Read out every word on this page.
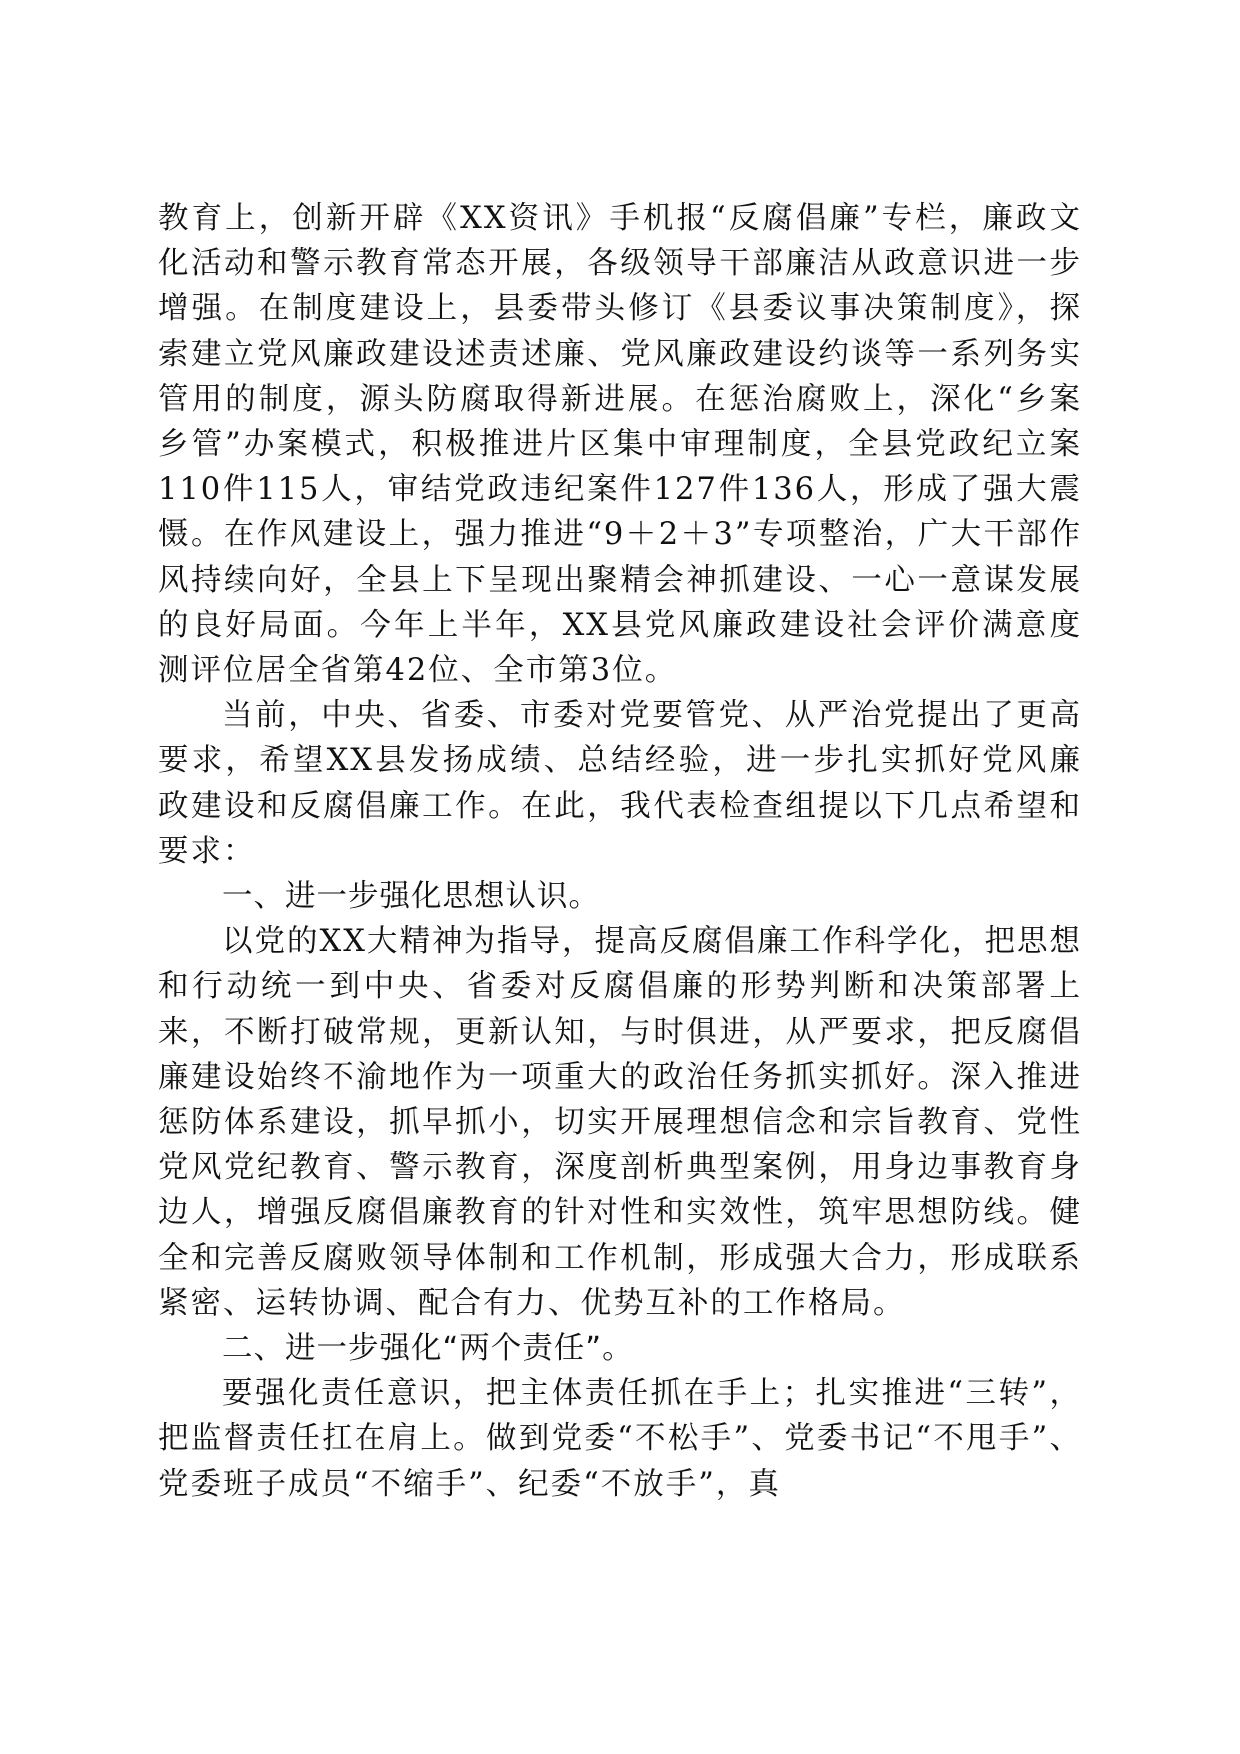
教育上，创新开辟《XX资讯》手机报“反腐倡廉”专栏，廉政文化活动和警示教育常态开展，各级领导干部廉洁从政意识进一步增强。在制度建设上，县委带头修订《县委议事决策制度》，探索建立党风廉政建设述责述廉、党风廉政建设约谈等一系列务实管用的制度，源头防腐取得新进展。在惩治腐败上，深化“乡案乡管”办案模式，积极推进片区集中审理制度，全县党政纪立案110件115人，审结党政违纪案件127件136人，形成了强大震慑。在作风建设上，强力推进“9＋2＋3”专项整治，广大干部作风持续向好，全县上下呈现出聚精会神抓建设、一心一意谋发展的良好局面。今年上半年，XX县党风廉政建设社会评价满意度测评位居全省第42位、全市第3位。

当前，中央、省委、市委对党要管党、从严治党提出了更高要求，希望XX县发扬成绩、总结经验，进一步扎实抓好党风廉政建设和反腐倡廉工作。在此，我代表检查组提以下几点希望和要求：

一、进一步强化思想认识。

以党的XX大精神为指导，提高反腐倡廉工作科学化，把思想和行动统一到中央、省委对反腐倡廉的形势判断和决策部署上来，不断打破常规，更新认知，与时俱进，从严要求，把反腐倡廉建设始终不渝地作为一项重大的政治任务抓实抓好。深入推进惩防体系建设，抓早抓小，切实开展理想信念和宗旨教育、党性党风党纪教育、警示教育，深度剖析典型案例，用身边事教育身边人，增强反腐倡廉教育的针对性和实效性，筑牢思想防线。健全和完善反腐败领导体制和工作机制，形成强大合力，形成联系紧密、运转协调、配合有力、优势互补的工作格局。

二、进一步强化“两个责任”。

要强化责任意识，把主体责任抓在手上；扎实推进“三转”，把监督责任扛在肩上。做到党委“不松手”、党委书记“不甩手”、党委班子成员“不缩手”、纪委“不放手”，真
